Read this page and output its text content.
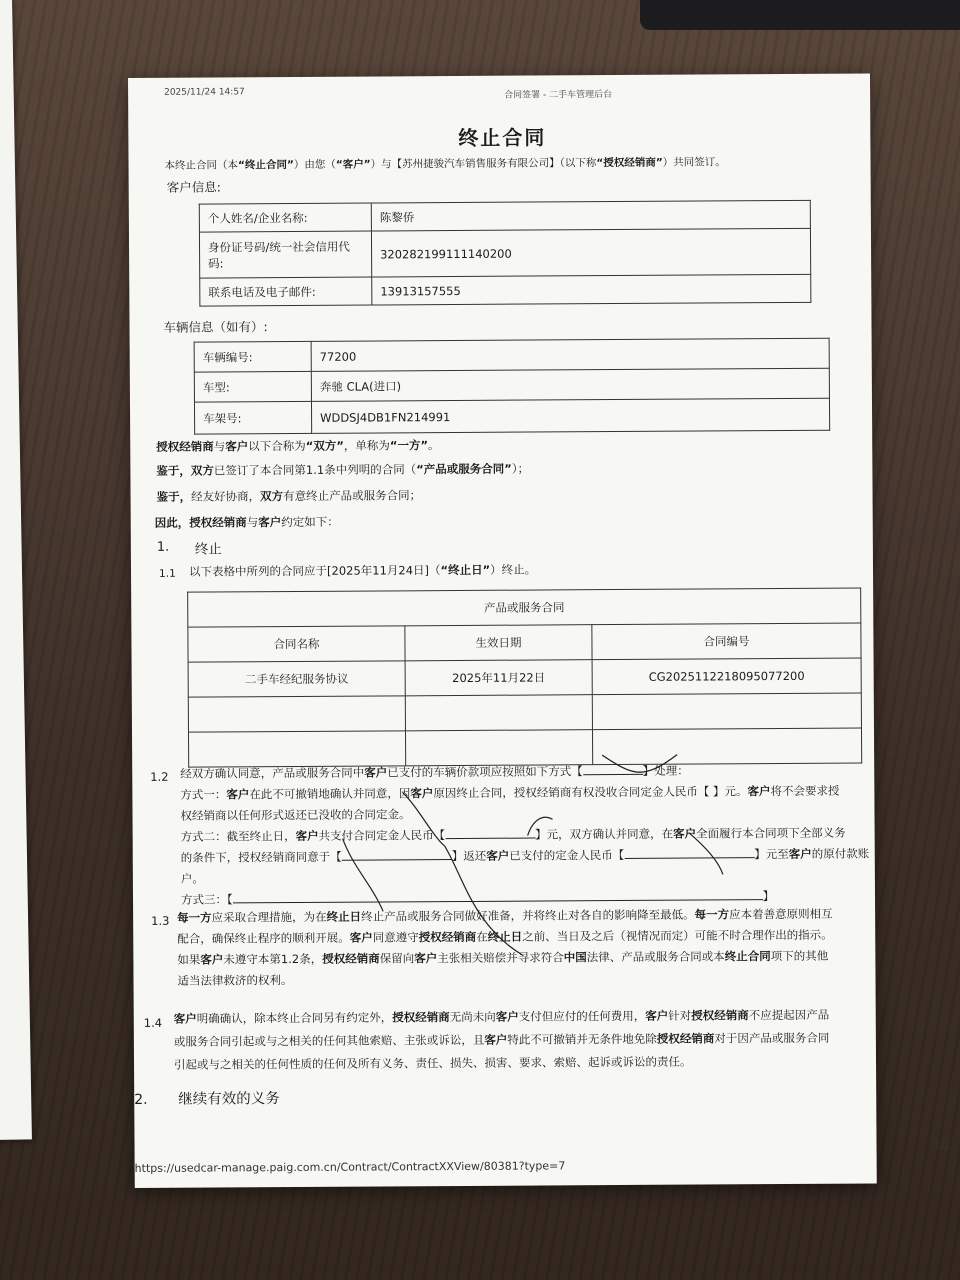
2025/11/24 14:57	合同签署 - 二手车管理后台
终止合同
本终止合同（本“终止合同”）由您（“客户”）与【苏州捷骏汽车销售服务有限公司】（以下称“授权经销商”）共同签订。
客户信息:
个人姓名/企业名称:	陈黎侨
身份证号码/统一社会信用代码:	320282199111140200
联系电话及电子邮件:	13913157555
车辆信息（如有）:
车辆编号:	77200
车型:	奔驰 CLA(进口)
车架号:	WDDSJ4DB1FN214991
授权经销商与客户以下合称为“双方”，单称为“一方”。
鉴于，双方已签订了本合同第1.1条中列明的合同（“产品或服务合同”）；
鉴于，经友好协商，双方有意终止产品或服务合同；
因此，授权经销商与客户约定如下：
1. 终止
1.1 以下表格中所列的合同应于[2025年11月24日]（“终止日”）终止。
产品或服务合同		
合同名称	生效日期	合同编号
二手车经纪服务协议	2025年11月22日	CG20251122180950772​00

1.2 经双方确认同意，产品或服务合同中客户已支付的车辆价款项应按照如下方式【	】处理：
方式一：客户在此不可撤销地确认并同意，因客户原因终止合同，授权经销商有权没收合同定金人民币【 】元。客户将不会要求授
权经销商以任何形式返还已没收的合同定金。
方式二：截至终止日，客户共支付合同定金人民币【	】元，双方确认并同意，在客户全面履行本合同项下全部义务
的条件下，授权经销商同意于【	】返还客户已支付的定金人民币【	】元至客户的原付款账
户。
方式三：【	】
1.3 每一方应采取合理措施，为在终止日终止产品或服务合同做好准备，并将终止对各自的影响降至最低。每一方应本着善意原则相互
配合，确保终止程序的顺利开展。客户同意遵守授权经销商在终止日之前、当日及之后（视情况而定）可能不时合理作出的指示。
如果客户未遵守本第1.2条，授权经销商保留向客户主张相关赔偿并寻求符合中国法律、产品或服务合同或本终止合同项下的其他
适当法律救济的权利。
1.4 客户明确确认，除本终止合同另有约定外，授权经销商无尚未向客户支付但应付的任何费用，客户针对授权经销商不应提起因产品
或服务合同引起或与之相关的任何其他索赔、主张或诉讼，且客户特此不可撤销并无条件地免除授权经销商对于因产品或服务合同
引起或与之相关的任何性质的任何及所有义务、责任、损失、损害、要求、索赔、起诉或诉讼的责任。
2. 继续有效的义务
https://usedcar-manage.paig.com.cn/Contract/ContractXXView/80381?type=7
1/2
